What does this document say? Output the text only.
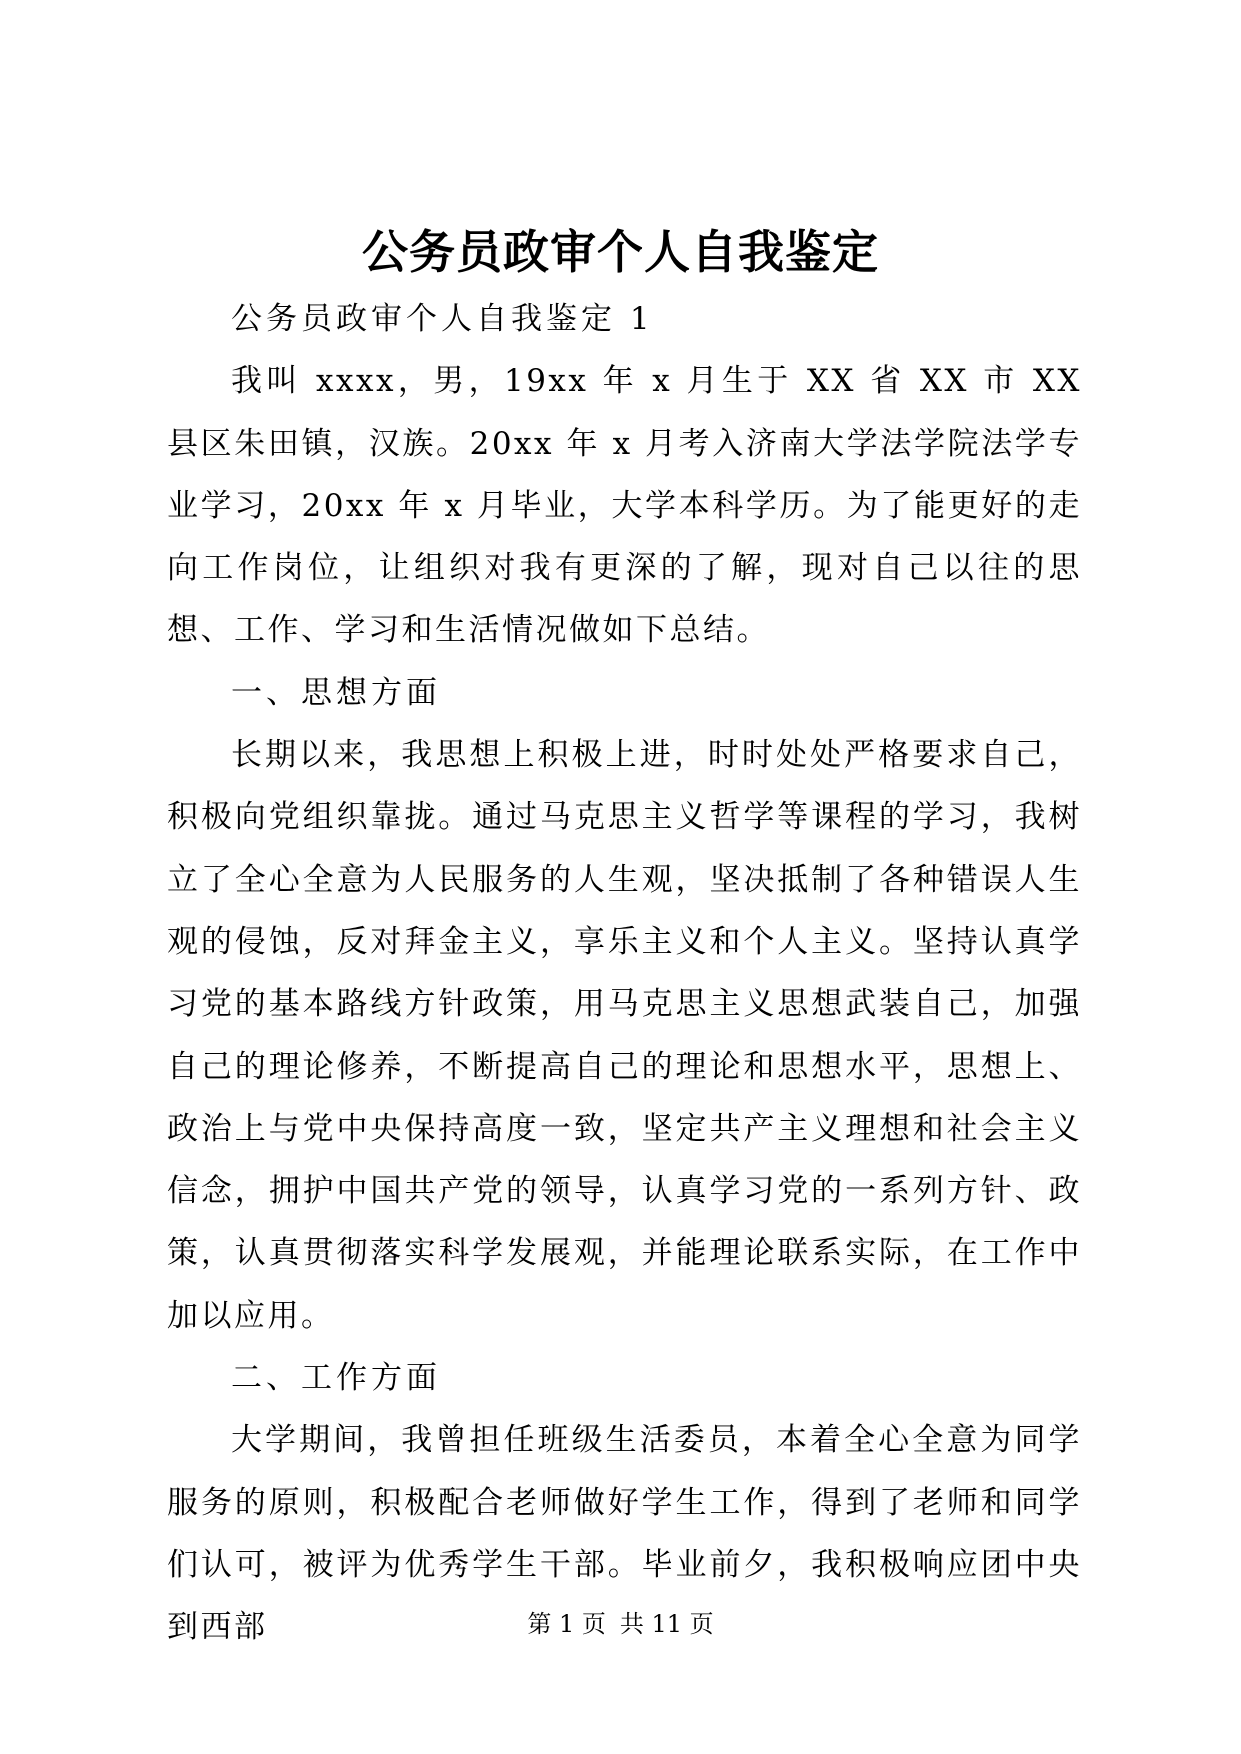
公务员政审个人自我鉴定

公务员政审个人自我鉴定 1

我叫 xxxx，男，19xx 年 x 月生于 XX 省 XX 市 XX 县区朱田镇，汉族。20xx 年 x 月考入济南大学法学院法学专业学习，20xx 年 x 月毕业，大学本科学历。为了能更好的走向工作岗位，让组织对我有更深的了解，现对自己以往的思想、工作、学习和生活情况做如下总结。

一、思想方面

长期以来，我思想上积极上进，时时处处严格要求自己，积极向党组织靠拢。通过马克思主义哲学等课程的学习，我树立了全心全意为人民服务的人生观，坚决抵制了各种错误人生观的侵蚀，反对拜金主义，享乐主义和个人主义。坚持认真学习党的基本路线方针政策，用马克思主义思想武装自己，加强自己的理论修养，不断提高自己的理论和思想水平，思想上、政治上与党中央保持高度一致，坚定共产主义理想和社会主义信念，拥护中国共产党的领导，认真学习党的一系列方针、政策，认真贯彻落实科学发展观，并能理论联系实际，在工作中加以应用。

二、工作方面

大学期间，我曾担任班级生活委员，本着全心全意为同学服务的原则，积极配合老师做好学生工作，得到了老师和同学们认可，被评为优秀学生干部。毕业前夕，我积极响应团中央到西部	第 1 页 共 11 页
